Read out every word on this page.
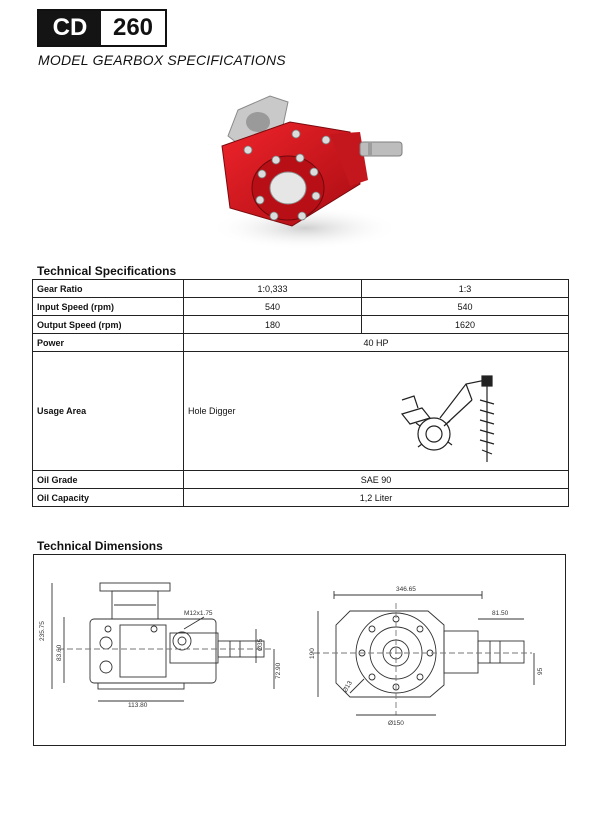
CD	260
MODEL GEARBOX SPECIFICATIONS
Technical Specifications
Gear Ratio	1:0,333	1:3
Input Speed (rpm)	540	540
Output Speed (rpm)	180	1620
Power	40 HP	
Usage Area	Hole Digger	
Oil Grade	SAE 90	
Oil Capacity	1,2 Liter	
Technical Dimensions
M12x1.75
235.75
83.60
113.80
Ø35
72.90
346.65
81.50
190
Ø13
Ø150
95
